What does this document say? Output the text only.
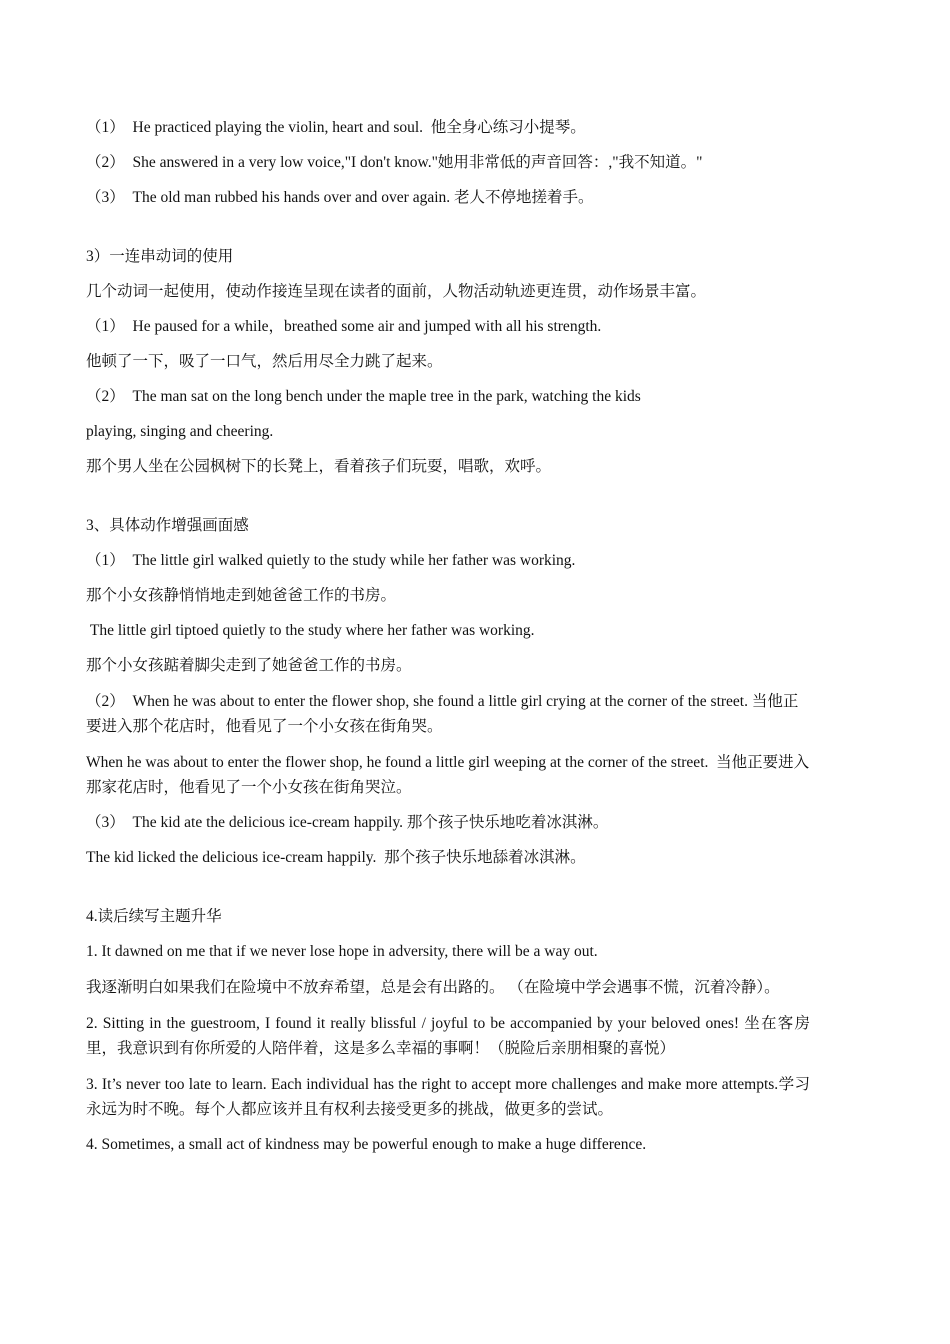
（1）  He practiced playing the violin, heart and soul.  他全身心练习小提琴。

（2）  She answered in a very low voice,"I don't know."她用非常低的声音回答：,"我不知道。"

（3）  The old man rubbed his hands over and over again. 老人不停地搓着手。

3）一连串动词的使用

几个动词一起使用，使动作接连呈现在读者的面前，人物活动轨迹更连贯，动作场景丰富。

（1）  He paused for a while，breathed some air and jumped with all his strength.

他顿了一下，吸了一口气，然后用尽全力跳了起来。

（2）  The man sat on the long bench under the maple tree in the park, watching the kids

playing, singing and cheering.

那个男人坐在公园枫树下的长凳上，看着孩子们玩耍，唱歌，欢呼。

3、具体动作增强画面感

（1）  The little girl walked quietly to the study while her father was working.

那个小女孩静悄悄地走到她爸爸工作的书房。

The little girl tiptoed quietly to the study where her father was working.

那个小女孩踮着脚尖走到了她爸爸工作的书房。

（2）  When he was about to enter the flower shop, she found a little girl crying at the corner of the street. 当他正要进入那个花店时，他看见了一个小女孩在街角哭。

When he was about to enter the flower shop, he found a little girl weeping at the corner of the street.  当他正要进入那家花店时，他看见了一个小女孩在街角哭泣。

（3）  The kid ate the delicious ice-cream happily. 那个孩子快乐地吃着冰淇淋。

The kid licked the delicious ice-cream happily.  那个孩子快乐地舔着冰淇淋。

4.读后续写主题升华

1. It dawned on me that if we never lose hope in adversity, there will be a way out.

我逐渐明白如果我们在险境中不放弃希望，总是会有出路的。 （在险境中学会遇事不慌，沉着冷静）。

2. Sitting in the guestroom, I found it really blissful / joyful to be accompanied by your beloved ones! 坐在客房里，我意识到有你所爱的人陪伴着，这是多么幸福的事啊！（脱险后亲朋相聚的喜悦）

3. It’s never too late to learn. Each individual has the right to accept more challenges and make more attempts.学习永远为时不晚。每个人都应该并且有权利去接受更多的挑战，做更多的尝试。

4. Sometimes, a small act of kindness may be powerful enough to make a huge difference.
